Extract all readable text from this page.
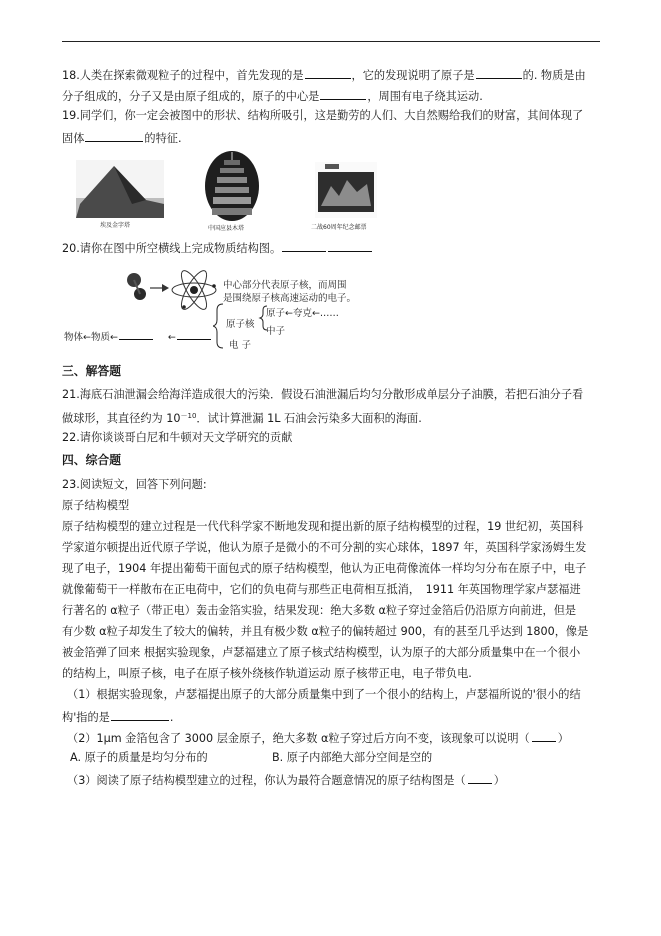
18.人类在探索微观粒子的过程中，首先发现的是	，它的发现说明了原子是	的. 物质是由
分子组成的，分子又是由原子组成的，原子的中心是	，周围有电子绕其运动.
19.同学们，你一定会被图中的形状、结构所吸引，这是勤劳的人们、大自然赐给我们的财富，其间体现了
固体	的特征.
埃及金字塔	中国应县木塔	二战60周年纪念邮票
20.请你在图中所空横线上完成物质结构图。
中心部分代表原子核，而周围
是围绕原子核高速运动的电子。
物体←物质←	←
原子核
原子←夸克←……
中子
电 子
三、解答题
21.海底石油泄漏会给海洋造成很大的污染．假设石油泄漏后均匀分散形成单层分子油膜，若把石油分子看
做球形，其直径约为 $10^{-10}$．试计算泄漏 1L 石油会污染多大面积的海面.
22.请你谈谈哥白尼和牛顿对天文学研究的贡献
四、综合题
23.阅读短文，回答下列问题:
原子结构模型
原子结构模型的建立过程是一代代科学家不断地发现和提出新的原子结构模型的过程，19 世纪初，英国科
学家道尔顿提出近代原子学说，他认为原子是微小的不可分割的实心球体，1897 年，英国科学家汤姆生发
现了电子，1904 年提出葡萄干面包式的原子结构模型，他认为正电荷像流体一样均匀分布在原子中，电子
就像葡萄干一样散布在正电荷中，它们的负电荷与那些正电荷相互抵消，　1911 年英国物理学家卢瑟福进
行著名的 α粒子（带正电）轰击金箔实验，结果发现：绝大多数 α粒子穿过金箔后仍沿原方向前进，但是
有少数 α粒子却发生了较大的偏转，并且有极少数 α粒子的偏转超过 900，有的甚至几乎达到 1800，像是
被金箔弹了回来 根据实验现象，卢瑟福建立了原子核式结构模型，认为原子的大部分质量集中在一个很小
的结构上，叫原子核，电子在原子核外绕核作轨道运动 原子核带正电，电子带负电.
（1）根据实验现象，卢瑟福提出原子的大部分质量集中到了一个很小的结构上，卢瑟福所说的'很小的结
构'指的是	.
（2）1μm 金箔包含了 3000 层金原子，绝大多数 α粒子穿过后方向不变，该现象可以说明（	）
A. 原子的质量是均匀分布的	B. 原子内部绝大部分空间是空的
（3）阅读了原子结构模型建立的过程，你认为最符合题意情况的原子结构图是（	）
